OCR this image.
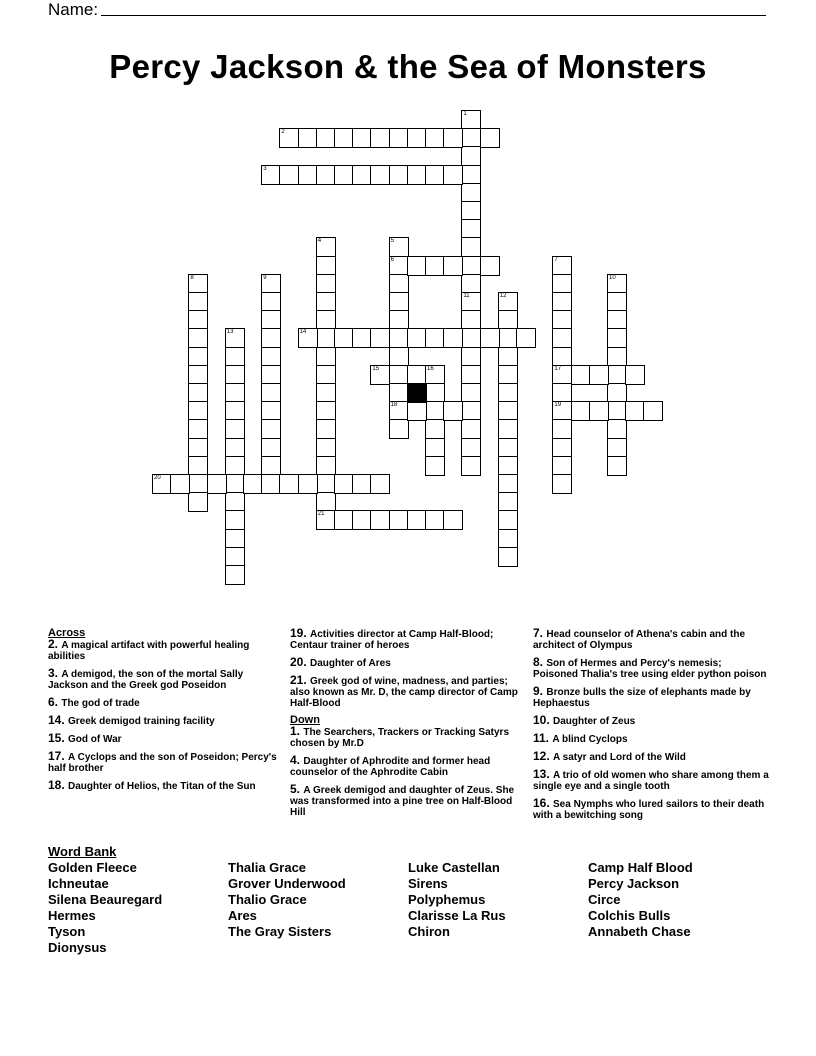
Name:
Percy Jackson & the Sea of Monsters
1
11
2
3
4	5
6
18
7
17
19
8	9	10
12
13	14
15	16
20
21
Across
2. A magical artifact with powerful healing abilities
3. A demigod, the son of the mortal Sally Jackson and the Greek god Poseidon
6. The god of trade
14. Greek demigod training facility
15. God of War
17. A Cyclops and the son of Poseidon; Percy's half brother
18. Daughter of Helios, the Titan of the Sun
19. Activities director at Camp Half-Blood; Centaur trainer of heroes
20. Daughter of Ares
21. Greek god of wine, madness, and parties; also known as Mr. D, the camp director of Camp Half-Blood
Down
1. The Searchers, Trackers or Tracking Satyrs chosen by Mr.D
4. Daughter of Aphrodite and former head counselor of the Aphrodite Cabin
5. A Greek demigod and daughter of Zeus. She was transformed into a pine tree on Half-Blood Hill
7. Head counselor of Athena's cabin and the architect of Olympus
8. Son of Hermes and Percy's nemesis; Poisoned Thalia's tree using elder python poison
9. Bronze bulls the size of elephants made by Hephaestus
10. Daughter of Zeus
11. A blind Cyclops
12. A satyr and Lord of the Wild
13. A trio of old women who share among them a single eye and a single tooth
16. Sea Nymphs who lured sailors to their death with a bewitching song
Word Bank
Golden Fleece
Ichneutae
Silena Beauregard
Hermes
Tyson
Dionysus
Thalia Grace
Grover Underwood
Thalio Grace
Ares
The Gray Sisters
Luke Castellan
Sirens
Polyphemus
Clarisse La Rus
Chiron
Camp Half Blood
Percy Jackson
Circe
Colchis Bulls
Annabeth Chase
